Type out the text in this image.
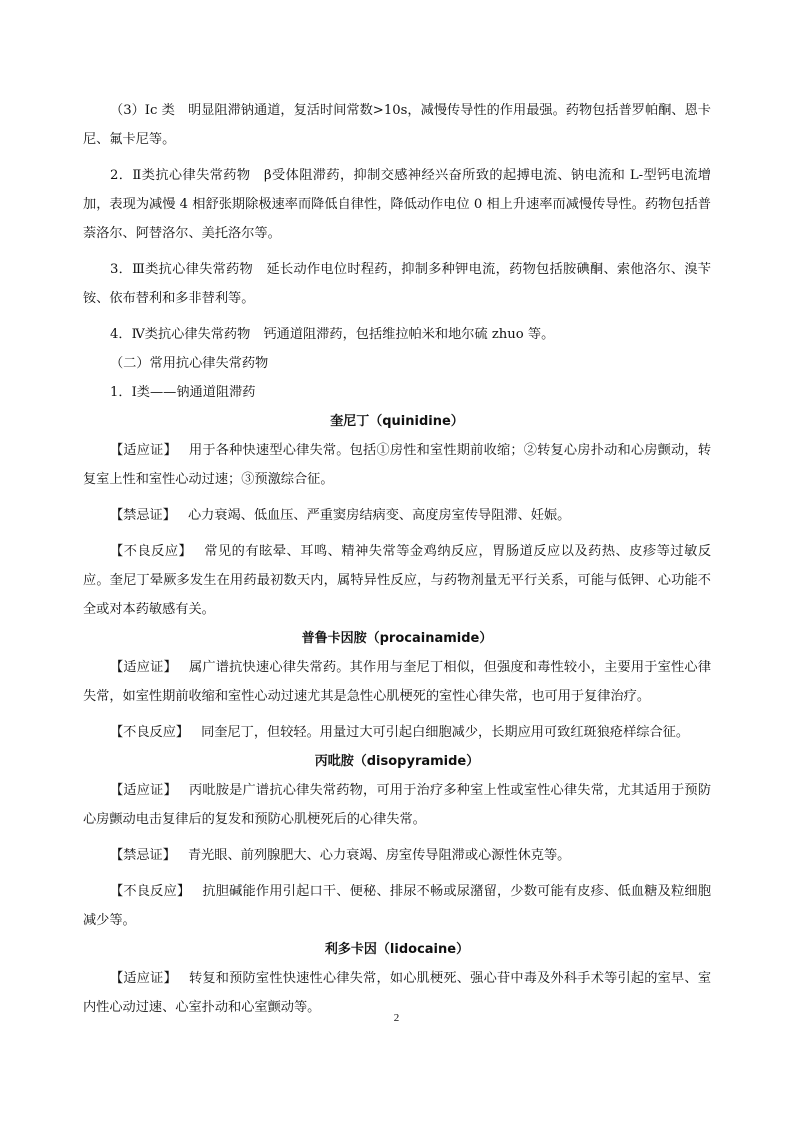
（3）Ⅰc 类　明显阻滞钠通道，复活时间常数>10s，减慢传导性的作用最强。药物包括普罗帕酮、恩卡尼、氟卡尼等。

2．Ⅱ类抗心律失常药物　β受体阻滞药，抑制交感神经兴奋所致的起搏电流、钠电流和 L-型钙电流增加，表现为减慢 4 相舒张期除极速率而降低自律性，降低动作电位 0 相上升速率而减慢传导性。药物包括普萘洛尔、阿替洛尔、美托洛尔等。

3．Ⅲ类抗心律失常药物　延长动作电位时程药，抑制多种钾电流，药物包括胺碘酮、索他洛尔、溴苄铵、依布替利和多非替利等。

4．Ⅳ类抗心律失常药物　钙通道阻滞药，包括维拉帕米和地尔硫 zhuo 等。

（二）常用抗心律失常药物

1．Ⅰ类——钠通道阻滞药

奎尼丁（quinidine）

【适应证】 用于各种快速型心律失常。包括①房性和室性期前收缩；②转复心房扑动和心房颤动，转复室上性和室性心动过速；③预激综合征。

【禁忌证】 心力衰竭、低血压、严重窦房结病变、高度房室传导阻滞、妊娠。

【不良反应】 常见的有眩晕、耳鸣、精神失常等金鸡纳反应，胃肠道反应以及药热、皮疹等过敏反应。奎尼丁晕厥多发生在用药最初数天内，属特异性反应，与药物剂量无平行关系，可能与低钾、心功能不全或对本药敏感有关。

普鲁卡因胺（procainamide）

【适应证】 属广谱抗快速心律失常药。其作用与奎尼丁相似，但强度和毒性较小，主要用于室性心律失常，如室性期前收缩和室性心动过速尤其是急性心肌梗死的室性心律失常，也可用于复律治疗。

【不良反应】 同奎尼丁，但较轻。用量过大可引起白细胞减少，长期应用可致红斑狼疮样综合征。

丙吡胺（disopyramide）

【适应证】 丙吡胺是广谱抗心律失常药物，可用于治疗多种室上性或室性心律失常，尤其适用于预防心房颤动电击复律后的复发和预防心肌梗死后的心律失常。

【禁忌证】 青光眼、前列腺肥大、心力衰竭、房室传导阻滞或心源性休克等。

【不良反应】 抗胆碱能作用引起口干、便秘、排尿不畅或尿潴留，少数可能有皮疹、低血糖及粒细胞减少等。

利多卡因（lidocaine）

【适应证】 转复和预防室性快速性心律失常，如心肌梗死、强心苷中毒及外科手术等引起的室早、室内性心动过速、心室扑动和心室颤动等。

2
